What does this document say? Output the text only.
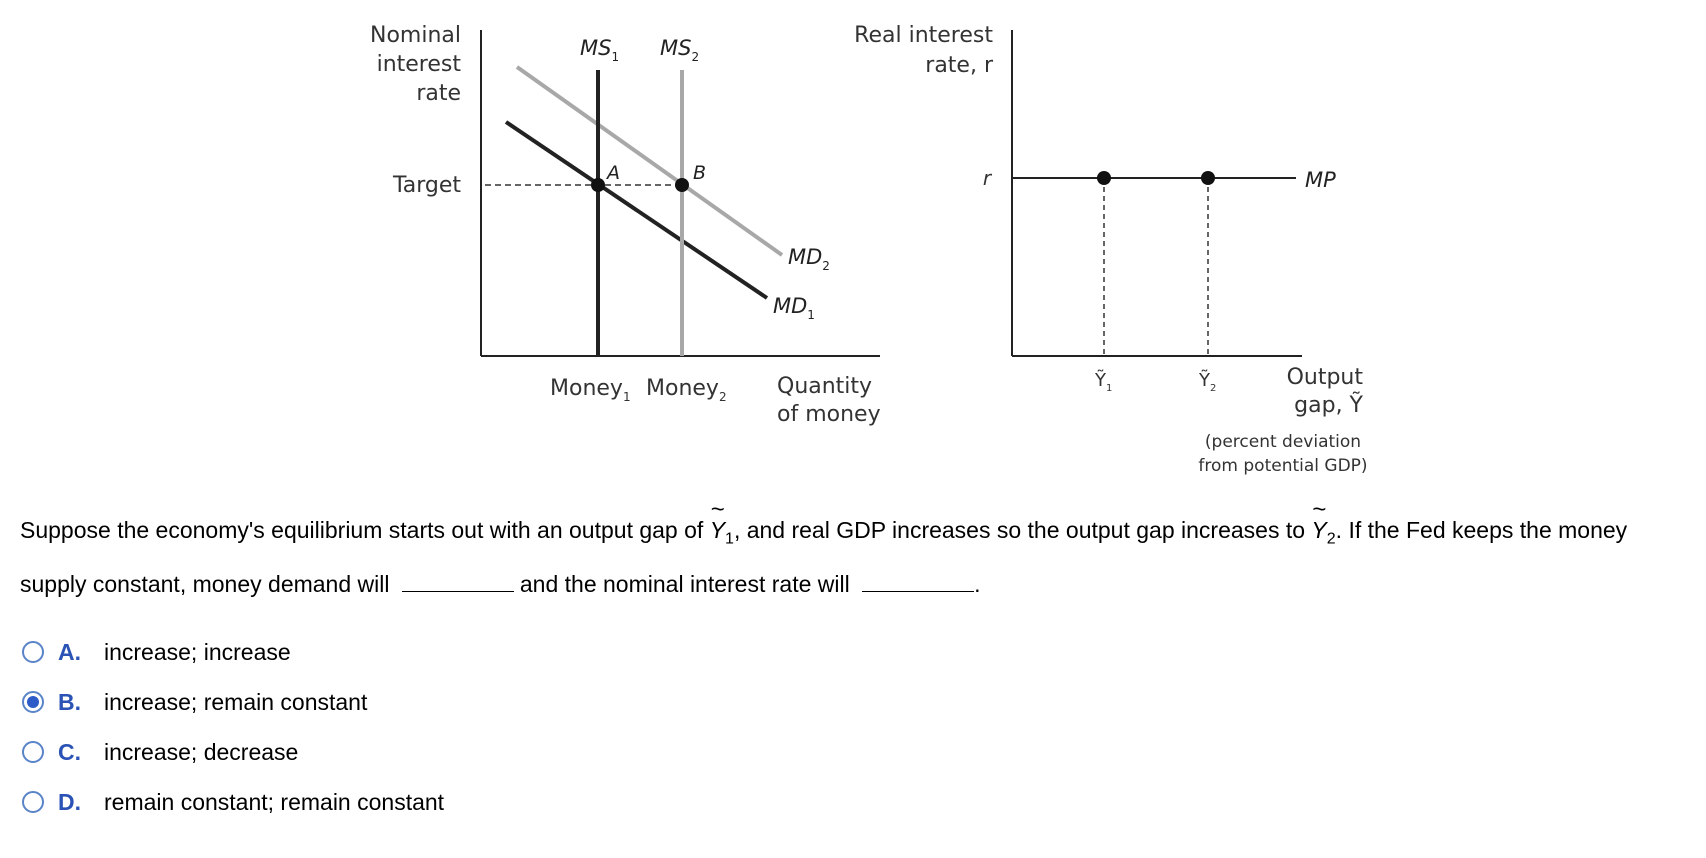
Nominal
interest
rate
Target	A	B
$MS_1$ $MS_2$
$MD_2$
$MD_1$
Money$_1$ Money$_2$ Quantity
of money
Real interest
rate, r
r	MP
Ỹ$_1$	Ỹ$_2$	Output
gap, Ỹ
(percent deviation
from potential GDP)
Suppose the economy's equilibrium starts out with an output gap of ~ $Y_1$, and real GDP increases so the output gap increases to ~ $Y_2$. If the Fed keeps the money supply constant, money demand will	and the nominal interest rate will	.
A.	increase; increase
B.	increase; remain constant
C.	increase; decrease
D.	remain constant; remain constant
